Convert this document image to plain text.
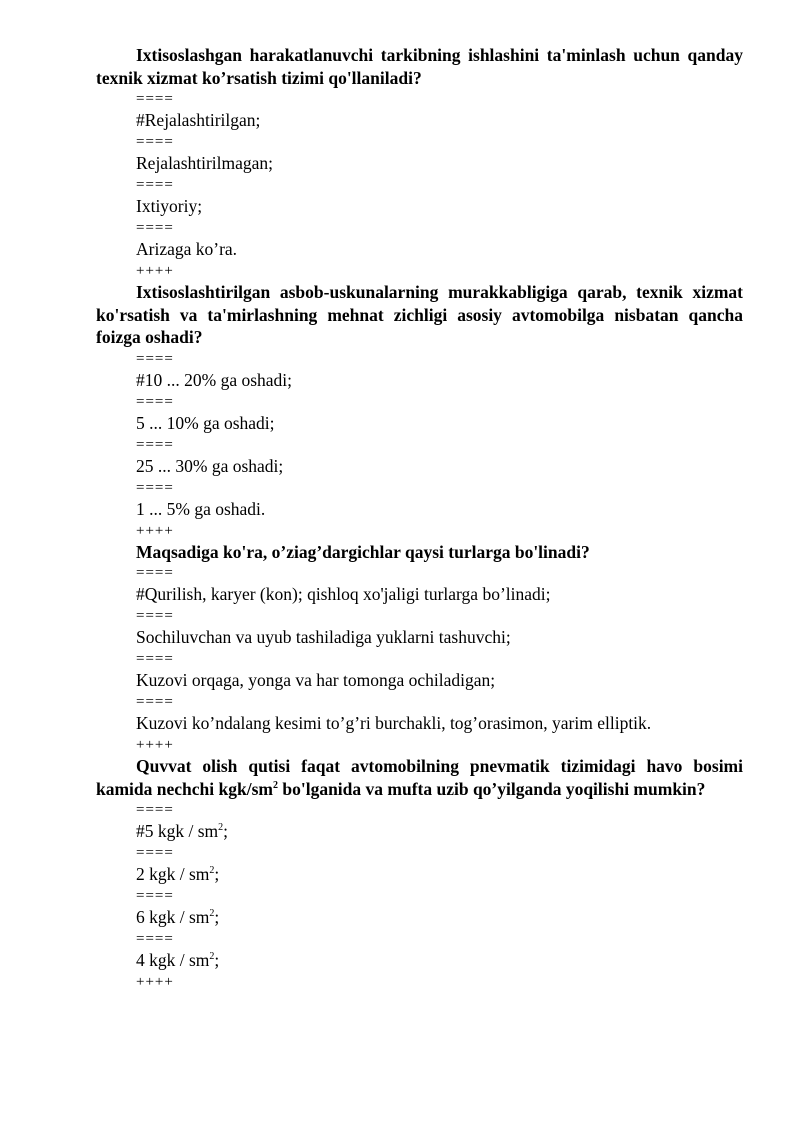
Ixtisoslashgan harakatlanuvchi tarkibning ishlashini ta'minlash uchun qanday texnik xizmat ko’rsatish tizimi qo'llaniladi?

====

#Rejalashtirilgan;

====

Rejalashtirilmagan;

====

Ixtiyoriy;

====

Arizaga ko’ra.

++++

Ixtisoslashtirilgan asbob-uskunalarning murakkabligiga qarab, texnik xizmat ko'rsatish va ta'mirlashning mehnat zichligi asosiy avtomobilga nisbatan qancha foizga oshadi?

====

#10 ... 20% ga oshadi;

====

5 ... 10% ga oshadi;

====

25 ... 30% ga oshadi;

====

1 ... 5% ga oshadi.

++++

Maqsadiga ko'ra, o’ziag’dargichlar qaysi turlarga bo'linadi?

====

#Qurilish, karyer (kon); qishloq xo'jaligi turlarga bo’linadi;

====

Sochiluvchan va uyub tashiladiga yuklarni tashuvchi;

====

Kuzovi orqaga, yonga va har tomonga ochiladigan;

====

Kuzovi ko’ndalang kesimi to’g’ri burchakli, tog’orasimon, yarim elliptik.

++++

Quvvat olish qutisi faqat avtomobilning pnevmatik tizimidagi havo bosimi kamida nechchi kgk/$sm^2$ bo'lganida va mufta uzib qo’yilganda yoqilishi mumkin?

====

#5 kgk / $sm^2$;

====

2 kgk / $sm^2$;

====

6 kgk / $sm^2$;

====

4 kgk / $sm^2$;

++++
